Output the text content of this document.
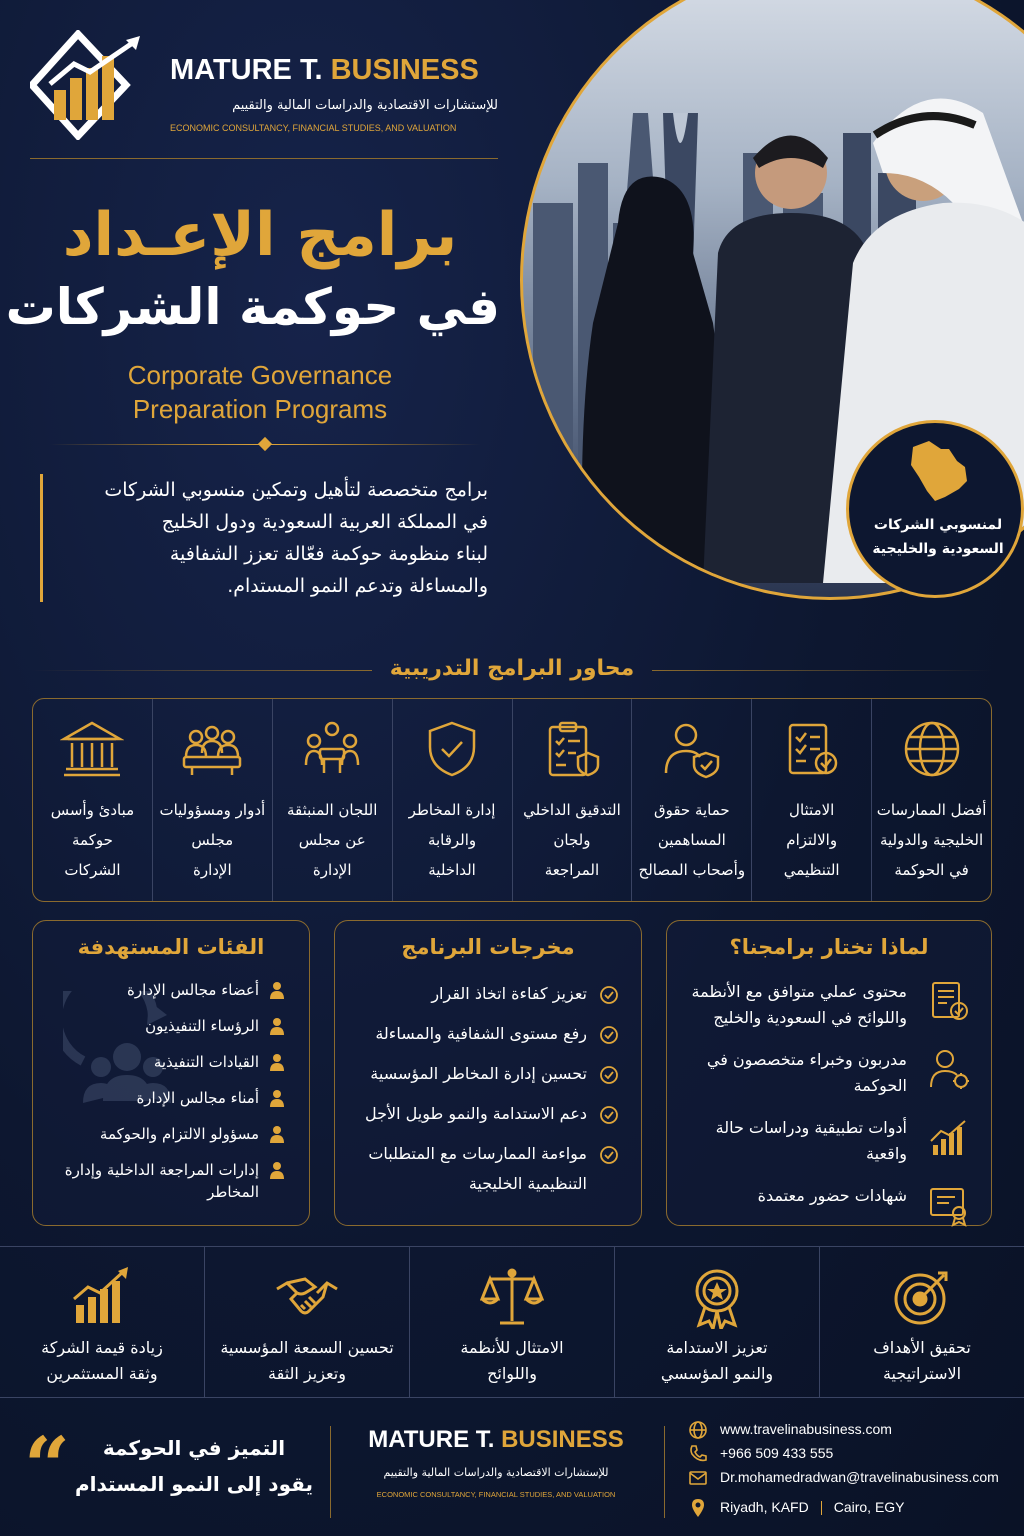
MATURE T. BUSINESS
للإستشارات الاقتصادية والدراسات المالية والتقييم
ECONOMIC CONSULTANCY, FINANCIAL STUDIES, AND VALUATION
برامج الإعـداد
في حوكمة الشركات
Corporate Governance
Preparation Programs

برامج متخصصة لتأهيل وتمكين منسوبي الشركات

في المملكة العربية السعودية ودول الخليج

لبناء منظومة حوكمة فعّالة تعزز الشفافية

والمساءلة وتدعم النمو المستدام.

لمنسوبي الشركات
السعودية والخليجية
محاور البرامج التدريبية
أفضل الممارسات
الخليجية والدولية
في الحوكمة
الامتثال
والالتزام
التنظيمي
حماية حقوق
المساهمين
وأصحاب المصالح
التدقيق الداخلي
ولجان
المراجعة
إدارة المخاطر
والرقابة
الداخلية
اللجان المنبثقة
عن مجلس
الإدارة
أدوار ومسؤوليات
مجلس
الإدارة
مبادئ وأسس
حوكمة
الشركات
الفئات المستهدفة
أعضاء مجالس الإدارة
الرؤساء التنفيذيون
القيادات التنفيذية
أمناء مجالس الإدارة
مسؤولو الالتزام والحوكمة
إدارات المراجعة الداخلية وإدارة المخاطر
مخرجات البرنامج
تعزيز كفاءة اتخاذ القرار
رفع مستوى الشفافية والمساءلة
تحسين إدارة المخاطر المؤسسية
دعم الاستدامة والنمو طويل الأجل
مواءمة الممارسات مع المتطلبات التنظيمية الخليجية
لماذا تختار برامجنا؟
محتوى عملي متوافق مع الأنظمة واللوائح في السعودية والخليج
مدربون وخبراء متخصصون في الحوكمة
أدوات تطبيقية ودراسات حالة واقعية
شهادات حضور معتمدة
تحقيق الأهداف
الاستراتيجية
تعزيز الاستدامة
والنمو المؤسسي
الامتثال للأنظمة
واللوائح
تحسين السمعة المؤسسية
وتعزيز الثقة
زيادة قيمة الشركة
وثقة المستثمرين
“	التميز في الحوكمة
يقود إلى النمو المستدام
MATURE T. BUSINESS
للإستشارات الاقتصادية والدراسات المالية والتقييم
ECONOMIC CONSULTANCY, FINANCIAL STUDIES, AND VALUATION
www.travelinabusiness.com
+966 509 433 555
Dr.mohamedradwan@travelinabusiness.com
Riyadh, KAFD Cairo, EGY
